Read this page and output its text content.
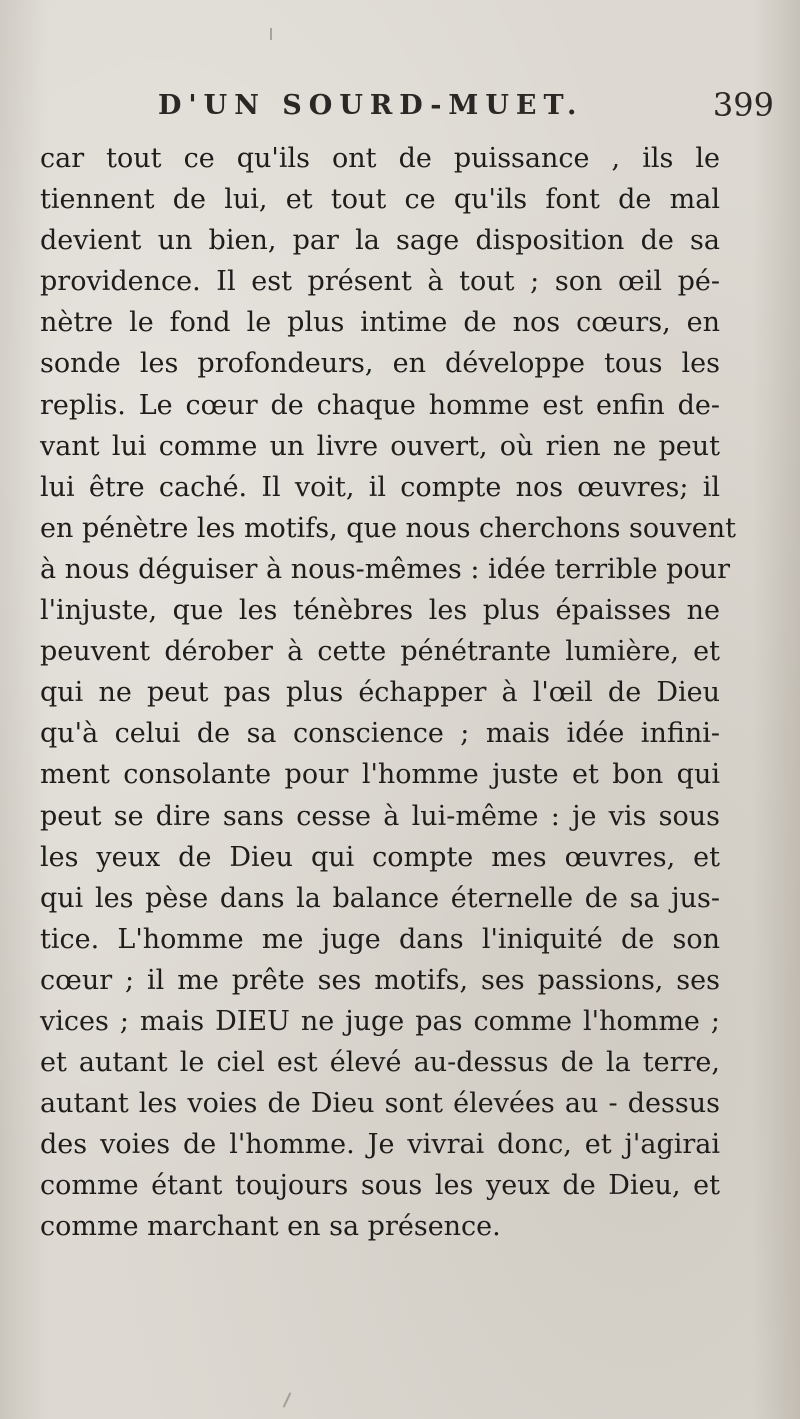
D'UN SOURD-MUET.	399
car tout ce qu'ils ont de puissance , ils le
tiennent de lui, et tout ce qu'ils font de mal
devient un bien, par la sage disposition de sa
providence. Il est présent à tout ; son œil pé-
nètre le fond le plus intime de nos cœurs, en
sonde les profondeurs, en développe tous les
replis. Le cœur de chaque homme est enfin de-
vant lui comme un livre ouvert, où rien ne peut
lui être caché. Il voit, il compte nos œuvres; il
en pénètre les motifs, que nous cherchons souvent
à nous déguiser à nous-mêmes : idée terrible pour
l'injuste, que les ténèbres les plus épaisses ne
peuvent dérober à cette pénétrante lumière, et
qui ne peut pas plus échapper à l'œil de Dieu
qu'à celui de sa conscience ; mais idée infini-
ment consolante pour l'homme juste et bon qui
peut se dire sans cesse à lui-même : je vis sous
les yeux de Dieu qui compte mes œuvres, et
qui les pèse dans la balance éternelle de sa jus-
tice. L'homme me juge dans l'iniquité de son
cœur ; il me prête ses motifs, ses passions, ses
vices ; mais DIEU ne juge pas comme l'homme ;
et autant le ciel est élevé au-dessus de la terre,
autant les voies de Dieu sont élevées au - dessus
des voies de l'homme. Je vivrai donc, et j'agirai
comme étant toujours sous les yeux de Dieu, et
comme marchant en sa présence.
